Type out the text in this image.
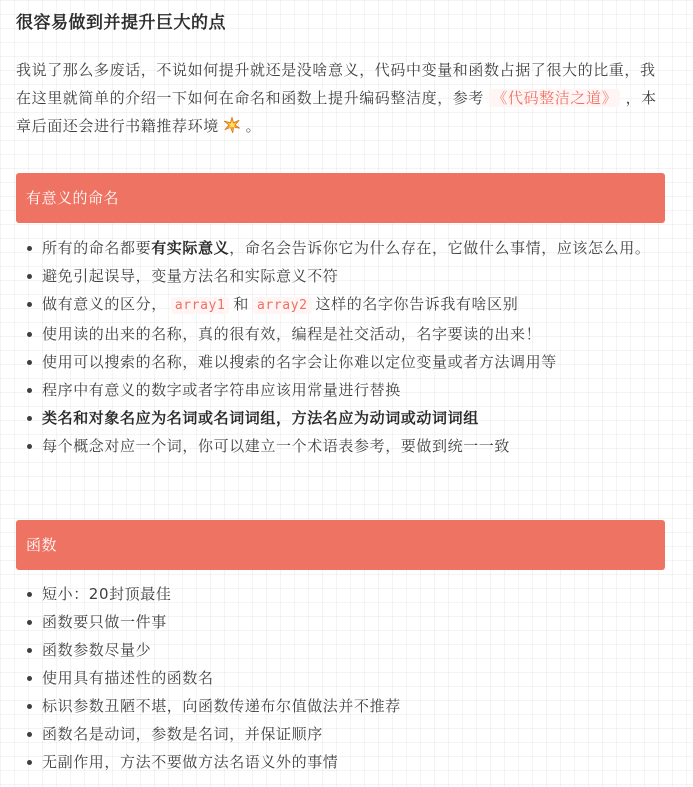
很容易做到并提升巨大的点

我说了那么多废话，不说如何提升就还是没啥意义，代码中变量和函数占据了很大的比重，我在这里就简单的介绍一下如何在命名和函数上提升编码整洁度，参考 《代码整洁之道》 ，本章后面还会进行书籍推荐环境 。

有意义的命名
所有的命名都要有实际意义，命名会告诉你它为什么存在，它做什么事情，应该怎么用。
避免引起误导，变量方法名和实际意义不符
做有意义的区分， array1 和 array2 这样的名字你告诉我有啥区别
使用读的出来的名称，真的很有效，编程是社交活动，名字要读的出来！
使用可以搜索的名称，难以搜索的名字会让你难以定位变量或者方法调用等
程序中有意义的数字或者字符串应该用常量进行替换
类名和对象名应为名词或名词词组，方法名应为动词或动词词组
每个概念对应一个词，你可以建立一个术语表参考，要做到统一一致
函数
短小：20封顶最佳
函数要只做一件事
函数参数尽量少
使用具有描述性的函数名
标识参数丑陋不堪，向函数传递布尔值做法并不推荐
函数名是动词，参数是名词，并保证顺序
无副作用，方法不要做方法名语义外的事情
